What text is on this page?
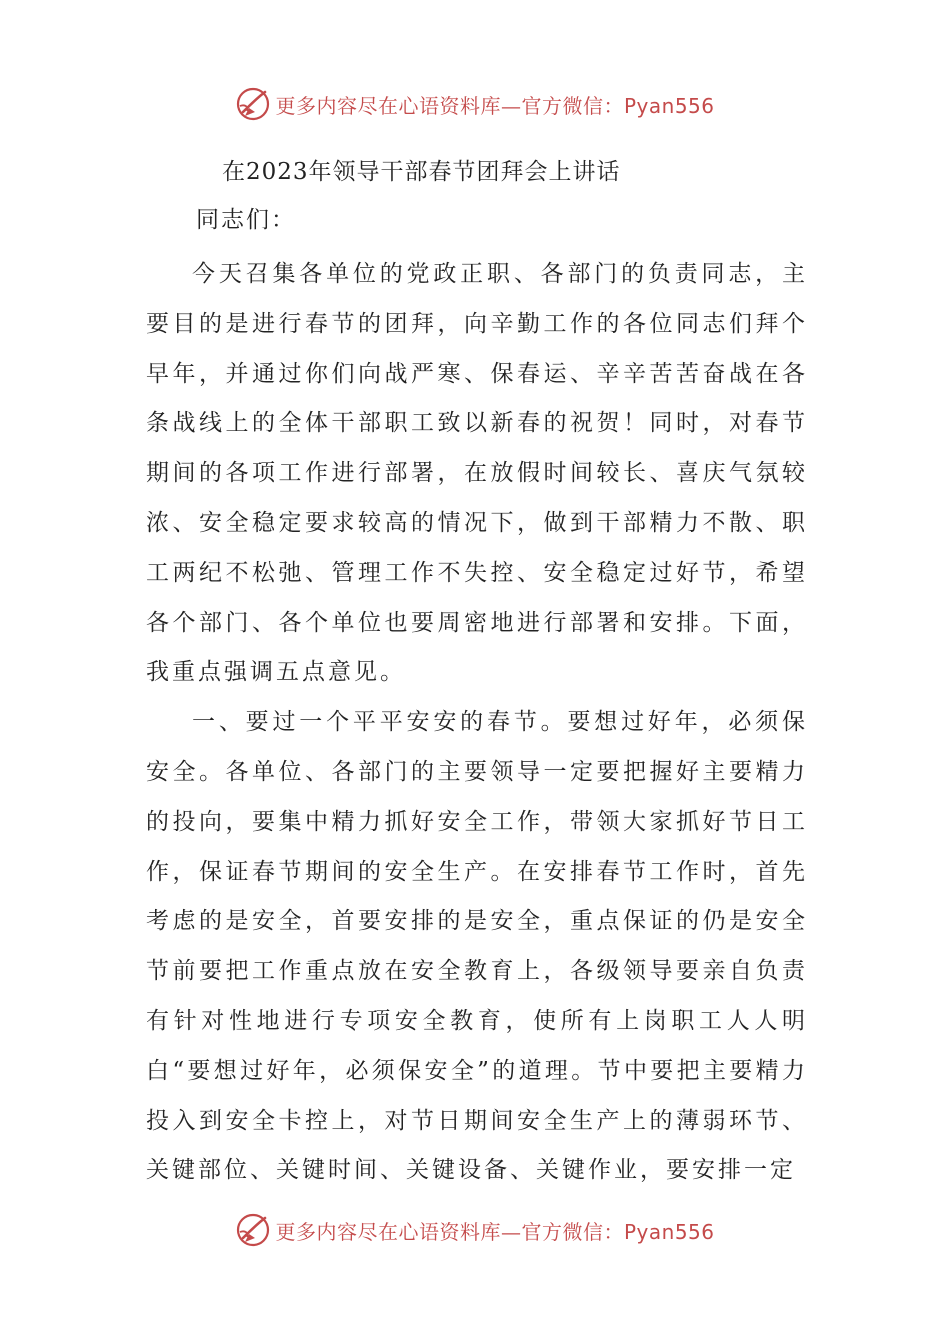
更多内容尽在心语资料库—官方微信：Pyan556
在2023年领导干部春节团拜会上讲话
同志们：

今天召集各单位的党政正职、各部门的负责同志，主要目的是进行春节的团拜，向辛勤工作的各位同志们拜个早年，并通过你们向战严寒、保春运、辛辛苦苦奋战在各条战线上的全体干部职工致以新春的祝贺！同时，对春节期间的各项工作进行部署，在放假时间较长、喜庆气氛较浓、安全稳定要求较高的情况下，做到干部精力不散、职工两纪不松弛、管理工作不失控、安全稳定过好节，希望各个部门、各个单位也要周密地进行部署和安排。下面，我重点强调五点意见。

一、要过一个平平安安的春节。要想过好年，必须保安全。各单位、各部门的主要领导一定要把握好主要精力的投向，要集中精力抓好安全工作，带领大家抓好节日工作，保证春节期间的安全生产。在安排春节工作时，首先考虑的是安全，首要安排的是安全，重点保证的仍是安全节前要把工作重点放在安全教育上，各级领导要亲自负责有针对性地进行专项安全教育，使所有上岗职工人人明白“要想过好年，必须保安全”的道理。节中要把主要精力投入到安全卡控上，对节日期间安全生产上的薄弱环节、关键部位、关键时间、关键设备、关键作业，要安排一定

更多内容尽在心语资料库—官方微信：Pyan556
